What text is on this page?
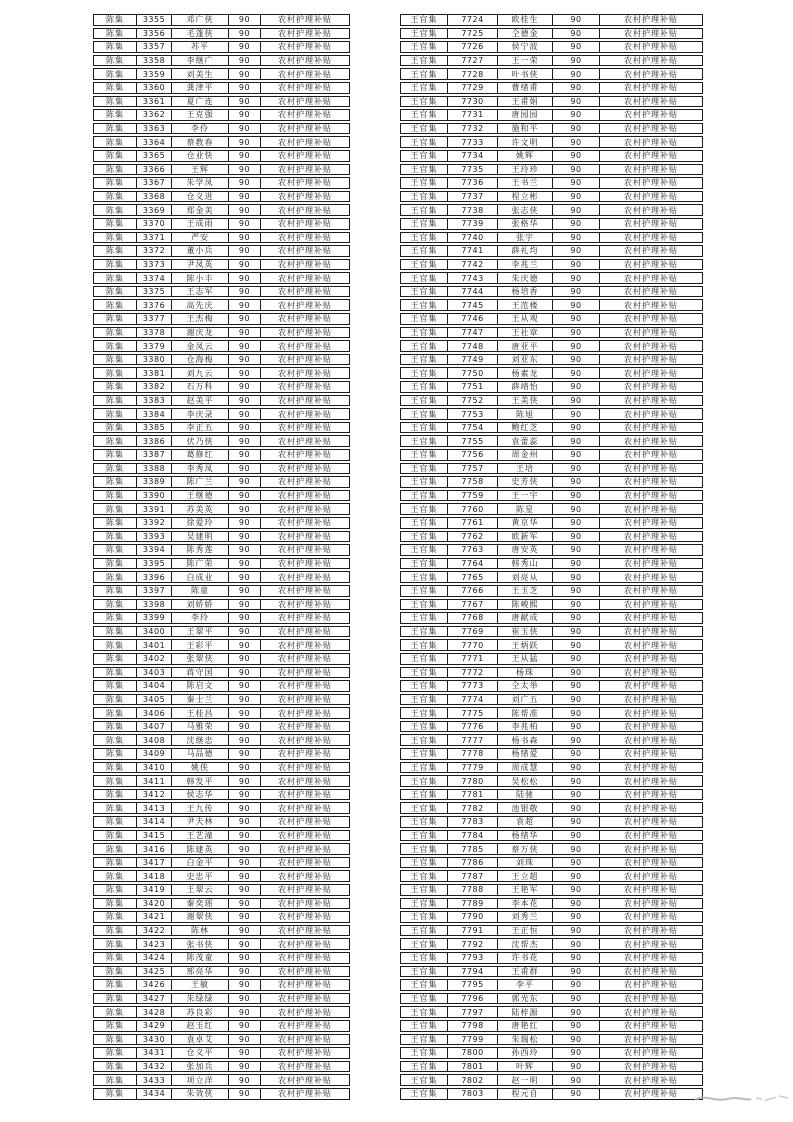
陈集	3355	邓广侠	90	农村护理补贴
陈集	3356	毛蓬侠	90	农村护理补贴
陈集	3357	苏平	90	农村护理补贴
陈集	3358	李继广	90	农村护理补贴
陈集	3359	刘美生	90	农村护理补贴
陈集	3360	龚津平	90	农村护理补贴
陈集	3361	夏广连	90	农村护理补贴
陈集	3362	王克强	90	农村护理补贴
陈集	3363	李伶	90	农村护理补贴
陈集	3364	蔡教春	90	农村护理补贴
陈集	3365	仓业快	90	农村护理补贴
陈集	3366	王辉	90	农村护理补贴
陈集	3367	朱学凤	90	农村护理补贴
陈集	3368	仓义进	90	农村护理补贴
陈集	3369	郑金美	90	农村护理补贴
陈集	3370	王成雨	90	农村护理补贴
陈集	3371	严安	90	农村护理补贴
陈集	3372	董小兵	90	农村护理补贴
陈集	3373	尹凤英	90	农村护理补贴
陈集	3374	陈小丰	90	农村护理补贴
陈集	3375	王志军	90	农村护理补贴
陈集	3376	高先庆	90	农村护理补贴
陈集	3377	王杰梅	90	农村护理补贴
陈集	3378	谢庆龙	90	农村护理补贴
陈集	3379	金凤云	90	农村护理补贴
陈集	3380	仓海梅	90	农村护理补贴
陈集	3381	刘九云	90	农村护理补贴
陈集	3382	石万科	90	农村护理补贴
陈集	3383	赵美平	90	农村护理补贴
陈集	3384	李庆录	90	农村护理补贴
陈集	3385	李正五	90	农村护理补贴
陈集	3386	伏乃侠	90	农村护理补贴
陈集	3387	葛修红	90	农村护理补贴
陈集	3388	李秀凤	90	农村护理补贴
陈集	3389	陈广兰	90	农村护理补贴
陈集	3390	王继德	90	农村护理补贴
陈集	3391	苏美英	90	农村护理补贴
陈集	3392	徐爱玲	90	农村护理补贴
陈集	3393	吴建明	90	农村护理补贴
陈集	3394	陈秀莲	90	农村护理补贴
陈集	3395	陈广荣	90	农村护理补贴
陈集	3396	白成业	90	农村护理补贴
陈集	3397	陈童	90	农村护理补贴
陈集	3398	刘娇娇	90	农村护理补贴
陈集	3399	李玲	90	农村护理补贴
陈集	3400	王翠平	90	农村护理补贴
陈集	3401	王彩平	90	农村护理补贴
陈集	3402	张翠侠	90	农村护理补贴
陈集	3403	蒋守国	90	农村护理补贴
陈集	3404	陈启文	90	农村护理补贴
陈集	3405	秦士兰	90	农村护理补贴
陈集	3406	王桂昌	90	农村护理补贴
陈集	3407	马雅荣	90	农村护理补贴
陈集	3408	沈继忠	90	农村护理补贴
陈集	3409	马品德	90	农村护理补贴
陈集	3410	姚侠	90	农村护理补贴
陈集	3411	韩发平	90	农村护理补贴
陈集	3412	侯志华	90	农村护理补贴
陈集	3413	王九传	90	农村护理补贴
陈集	3414	尹夫林	90	农村护理补贴
陈集	3415	王艺潼	90	农村护理补贴
陈集	3416	陈建英	90	农村护理补贴
陈集	3417	白金平	90	农村护理补贴
陈集	3418	史忠平	90	农村护理补贴
陈集	3419	王翠云	90	农村护理补贴
陈集	3420	秦奕瑶	90	农村护理补贴
陈集	3421	谢翠侠	90	农村护理补贴
陈集	3422	陈林	90	农村护理补贴
陈集	3423	张书侠	90	农村护理补贴
陈集	3424	陈茂童	90	农村护理补贴
陈集	3425	邢亮华	90	农村护理补贴
陈集	3426	王敏	90	农村护理补贴
陈集	3427	朱绿绿	90	农村护理补贴
陈集	3428	苏良彩	90	农村护理补贴
陈集	3429	赵玉红	90	农村护理补贴
陈集	3430	袁卓艾	90	农村护理补贴
陈集	3431	仓义平	90	农村护理补贴
陈集	3432	张加兵	90	农村护理补贴
陈集	3433	项立洋	90	农村护理补贴
陈集	3434	朱效侠	90	农村护理补贴
王官集	7724	欧桂生	90	农村护理补贴
王官集	7725	仝德金	90	农村护理补贴
王官集	7726	侯宁波	90	农村护理补贴
王官集	7727	王一荣	90	农村护理补贴
王官集	7728	叶书侠	90	农村护理补贴
王官集	7729	曹绪甫	90	农村护理补贴
王官集	7730	王甫娟	90	农村护理补贴
王官集	7731	唐园园	90	农村护理补贴
王官集	7732	施和平	90	农村护理补贴
王官集	7733	许文明	90	农村护理补贴
王官集	7734	姚辉	90	农村护理补贴
王官集	7735	王玲珍	90	农村护理补贴
王官集	7736	王书兰	90	农村护理补贴
王官集	7737	程立彬	90	农村护理补贴
王官集	7738	张志侠	90	农村护理补贴
王官集	7739	张格华	90	农村护理补贴
王官集	7740	张宇	90	农村护理补贴
王官集	7741	薛礼均	90	农村护理补贴
王官集	7742	李兆兰	90	农村护理补贴
王官集	7743	朱庆德	90	农村护理补贴
王官集	7744	杨培香	90	农村护理补贴
王官集	7745	王范楼	90	农村护理补贴
王官集	7746	王从观	90	农村护理补贴
王官集	7747	王社章	90	农村护理补贴
王官集	7748	唐亚平	90	农村护理补贴
王官集	7749	刘亚东	90	农村护理补贴
王官集	7750	杨素龙	90	农村护理补贴
王官集	7751	薛靖怡	90	农村护理补贴
王官集	7752	王美侠	90	农村护理补贴
王官集	7753	陈旭	90	农村护理补贴
王官集	7754	鲍红芝	90	农村护理补贴
王官集	7755	袁蕾蕊	90	农村护理补贴
王官集	7756	周金州	90	农村护理补贴
王官集	7757	王培	90	农村护理补贴
王官集	7758	史芳侠	90	农村护理补贴
王官集	7759	王一宇	90	农村护理补贴
王官集	7760	陈星	90	农村护理补贴
王官集	7761	黄京华	90	农村护理补贴
王官集	7762	欧新军	90	农村护理补贴
王官集	7763	唐安英	90	农村护理补贴
王官集	7764	韩秀山	90	农村护理补贴
王官集	7765	刘亮从	90	农村护理补贴
王官集	7766	王玉芝	90	农村护理补贴
王官集	7767	陈峻熙	90	农村护理补贴
王官集	7768	唐献成	90	农村护理补贴
王官集	7769	崔玉侠	90	农村护理补贴
王官集	7770	王炳跃	90	农村护理补贴
王官集	7771	王从猛	90	农村护理补贴
王官集	7772	杨珠	90	农村护理补贴
王官集	7773	仝太举	90	农村护理补贴
王官集	7774	刘广五	90	农村护理补贴
王官集	7775	陈帮准	90	农村护理补贴
王官集	7776	李兆柏	90	农村护理补贴
王官集	7777	杨书森	90	农村护理补贴
王官集	7778	杨绪爱	90	农村护理补贴
王官集	7779	周成慧	90	农村护理补贴
王官集	7780	吴松松	90	农村护理补贴
王官集	7781	陆驰	90	农村护理补贴
王官集	7782	池银敬	90	农村护理补贴
王官集	7783	袁超	90	农村护理补贴
王官集	7784	杨绪华	90	农村护理补贴
王官集	7785	蔡万侠	90	农村护理补贴
王官集	7786	刘珠	90	农村护理补贴
王官集	7787	王立超	90	农村护理补贴
王官集	7788	王艳军	90	农村护理补贴
王官集	7789	李本花	90	农村护理补贴
王官集	7790	刘秀兰	90	农村护理补贴
王官集	7791	王正恒	90	农村护理补贴
王官集	7792	沈帮杰	90	农村护理补贴
王官集	7793	许书花	90	农村护理补贴
王官集	7794	王甫群	90	农村护理补贴
王官集	7795	李平	90	农村护理补贴
王官集	7796	郭光东	90	农村护理补贴
王官集	7797	陆梓源	90	农村护理补贴
王官集	7798	唐艳红	90	农村护理补贴
王官集	7799	朱瑞松	90	农村护理补贴
王官集	7800	孙西玲	90	农村护理补贴
王官集	7801	叶辉	90	农村护理补贴
王官集	7802	赵一明	90	农村护理补贴
王官集	7803	程元自	90	农村护理补贴
